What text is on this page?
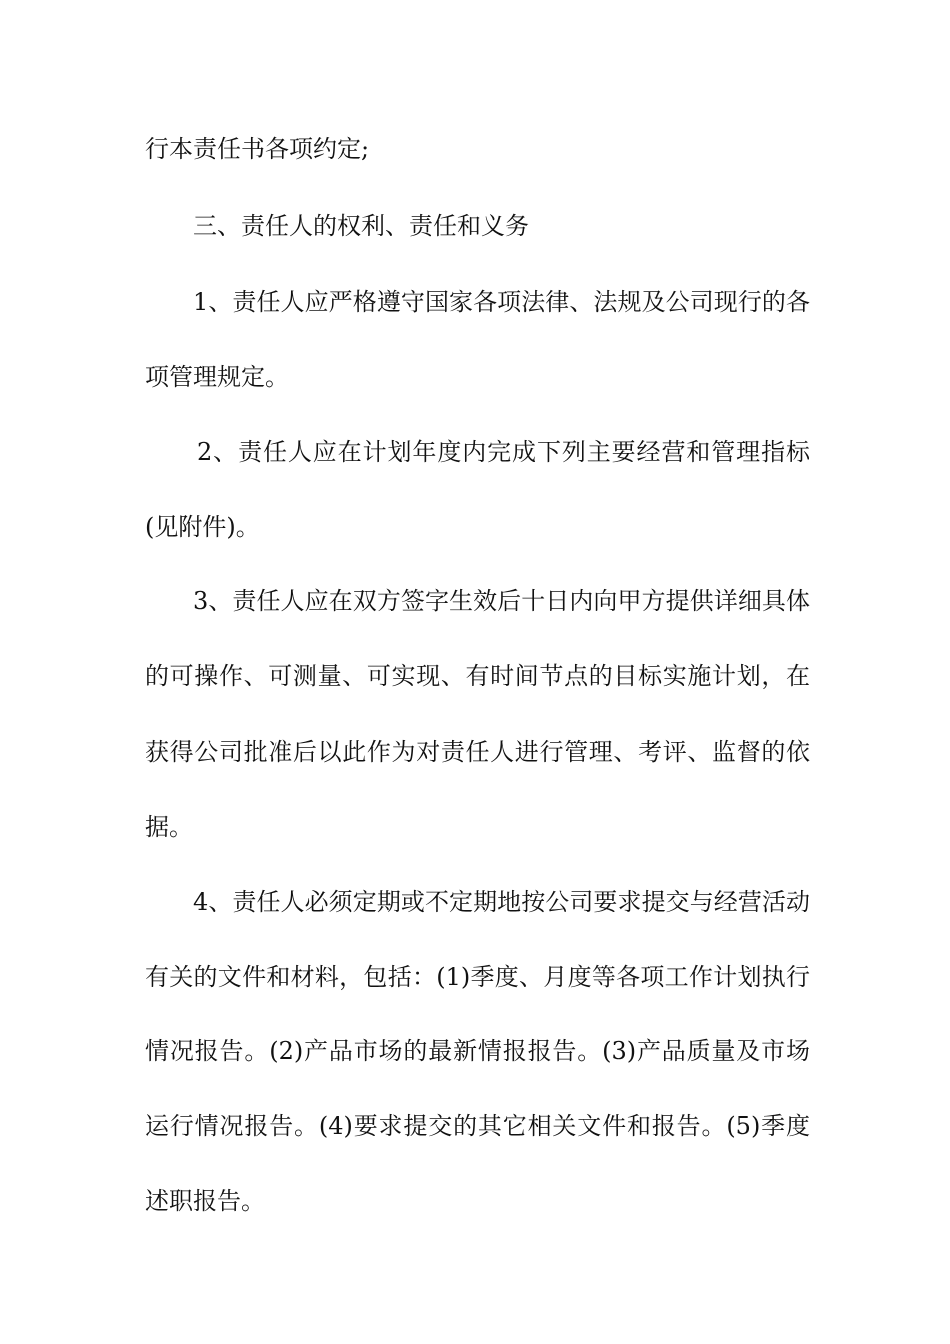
行本责任书各项约定;
三、责任人的权利、责任和义务
1、责任人应严格遵守国家各项法律、法规及公司现行的各
项管理规定。
2、责任人应在计划年度内完成下列主要经营和管理指标
(见附件)。
3、责任人应在双方签字生效后十日内向甲方提供详细具体
的可操作、可测量、可实现、有时间节点的目标实施计划，在
获得公司批准后以此作为对责任人进行管理、考评、监督的依
据。
4、责任人必须定期或不定期地按公司要求提交与经营活动
有关的文件和材料，包括：(1)季度、月度等各项工作计划执行
情况报告。(2)产品市场的最新情报报告。(3)产品质量及市场
运行情况报告。(4)要求提交的其它相关文件和报告。(5)季度
述职报告。
